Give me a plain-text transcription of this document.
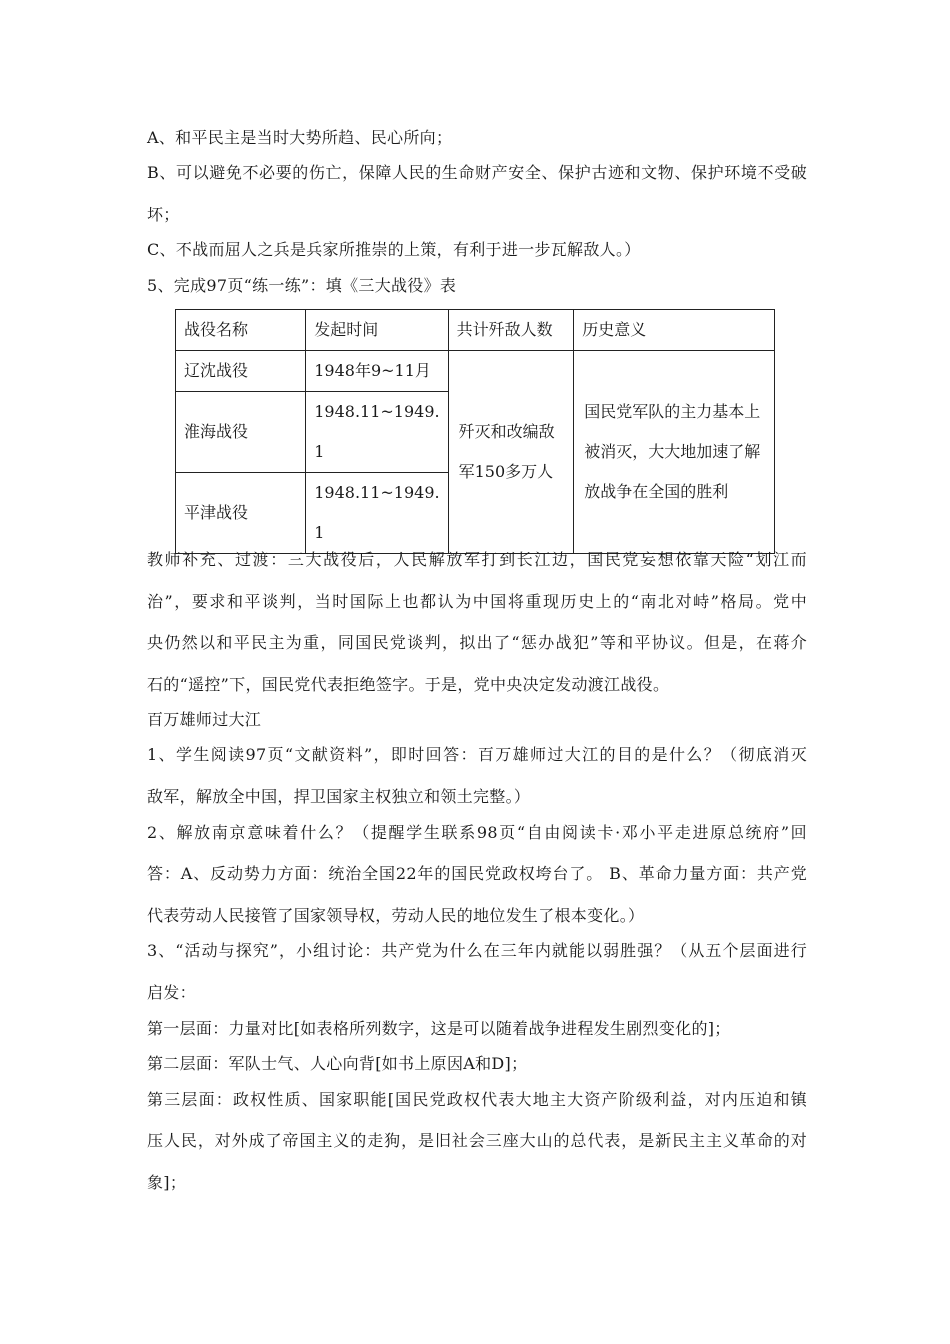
A、和平民主是当时大势所趋、民心所向；
B、可以避免不必要的伤亡，保障人民的生命财产安全、保护古迹和文物、保护环境不受破
坏；
C、不战而屈人之兵是兵家所推崇的上策，有利于进一步瓦解敌人。）
5、完成97页“练一练”：填《三大战役》表
战役名称	发起时间	共计歼敌人数	历史意义
辽沈战役	1948年9~11月	歼灭和改编敌军150多万人	国民党军队的主力基本上被消灭，大大地加速了解放战争在全国的胜利

淮海战役	1948.11~1949.
1		

平津战役	1948.11~1949.
1		
教师补充、过渡：三大战役后，人民解放军打到长江边，国民党妄想依靠天险“划江而
治”，要求和平谈判，当时国际上也都认为中国将重现历史上的“南北对峙”格局。党中
央仍然以和平民主为重，同国民党谈判，拟出了“惩办战犯”等和平协议。但是，在蒋介
石的“遥控”下，国民党代表拒绝签字。于是，党中央决定发动渡江战役。
百万雄师过大江
1、学生阅读97页“文献资料”，即时回答：百万雄师过大江的目的是什么？（彻底消灭
敌军，解放全中国，捍卫国家主权独立和领土完整。）
2、解放南京意味着什么？（提醒学生联系98页“自由阅读卡·邓小平走进原总统府”回
答：A、反动势力方面：统治全国22年的国民党政权垮台了。 B、革命力量方面：共产党
代表劳动人民接管了国家领导权，劳动人民的地位发生了根本变化。）
3、“活动与探究”，小组讨论：共产党为什么在三年内就能以弱胜强？（从五个层面进行
启发：
第一层面：力量对比[如表格所列数字，这是可以随着战争进程发生剧烈变化的]；
第二层面：军队士气、人心向背[如书上原因A和D]；
第三层面：政权性质、国家职能[国民党政权代表大地主大资产阶级利益，对内压迫和镇
压人民，对外成了帝国主义的走狗，是旧社会三座大山的总代表，是新民主主义革命的对
象]；
